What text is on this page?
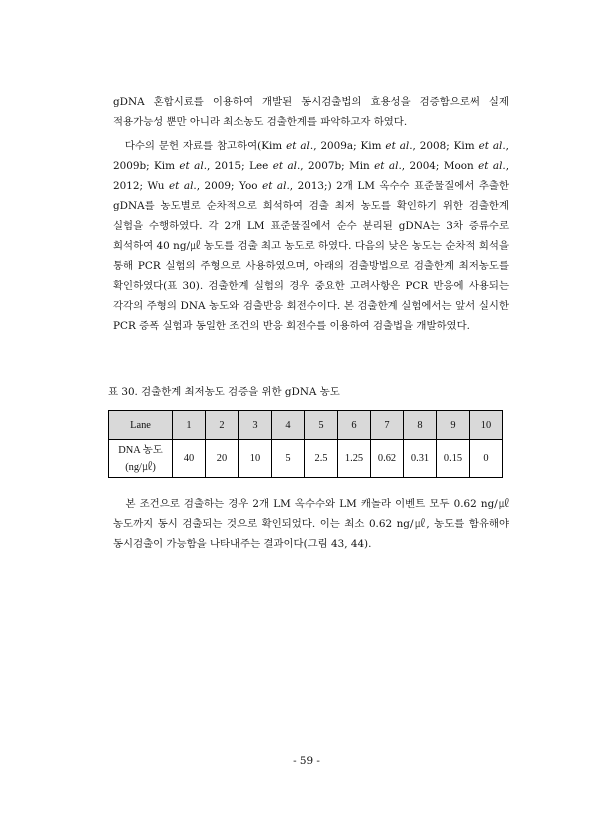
gDNA 혼합시료를 이용하여 개발된 동시검출법의 효용성을 검증함으로써 실제 적용가능성 뿐만 아니라 최소농도 검출한계를 파악하고자 하였다.

다수의 문헌 자료를 참고하여(Kim et al., 2009a; Kim et al., 2008; Kim et al., 2009b; Kim et al., 2015; Lee et al., 2007b; Min et al., 2004; Moon et al., 2012; Wu et al., 2009; Yoo et al., 2013;) 2개 LM 옥수수 표준물질에서 추출한 gDNA를 농도별로 순차적으로 희석하여 검출 최저 농도를 확인하기 위한 검출한계 실험을 수행하였다. 각 2개 LM 표준물질에서 순수 분리된 gDNA는 3차 증류수로 희석하여 40 ng/㎕ 농도를 검출 최고 농도로 하였다. 다음의 낮은 농도는 순차적 희석을 통해 PCR 실험의 주형으로 사용하였으며, 아래의 검출방법으로 검출한계 최저농도를 확인하였다(표 30). 검출한계 실험의 경우 중요한 고려사항은 PCR 반응에 사용되는 각각의 주형의 DNA 농도와 검출반응 회전수이다. 본 검출한계 실험에서는 앞서 실시한 PCR 증폭 실험과 동일한 조건의 반응 회전수를 이용하여 검출법을 개발하였다.

표 30. 검출한계 최저농도 검증을 위한 gDNA 농도

Lane	1	2	3	4	5	6	7	8	9	10
DNA 농도
(ng/㎕)	40	20	10	5	2.5	1.25	0.62	0.31	0.15	0

본 조건으로 검출하는 경우 2개 LM 옥수수와 LM 캐놀라 이벤트 모두 0.62 ng/㎕농도까지 동시 검출되는 것으로 확인되었다. 이는 최소 0.62 ng/㎕, 농도를 함유해야 동시검출이 가능함을 나타내주는 결과이다(그림 43, 44).

- 59 -
